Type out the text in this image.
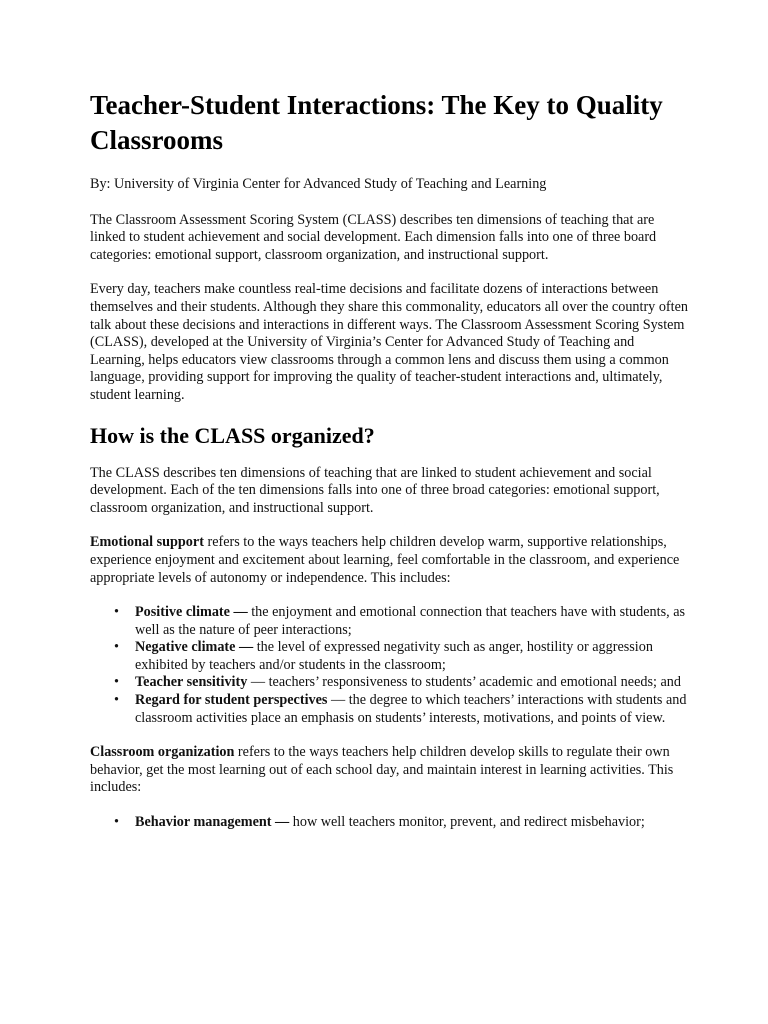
Teacher-Student Interactions: The Key to Quality Classrooms

By: University of Virginia Center for Advanced Study of Teaching and Learning

The Classroom Assessment Scoring System (CLASS) describes ten dimensions of teaching that are linked to student achievement and social development. Each dimension falls into one of three board categories: emotional support, classroom organization, and instructional support.

Every day, teachers make countless real-time decisions and facilitate dozens of interactions between themselves and their students. Although they share this commonality, educators all over the country often talk about these decisions and interactions in different ways. The Classroom Assessment Scoring System (CLASS), developed at the University of Virginia’s Center for Advanced Study of Teaching and Learning, helps educators view classrooms through a common lens and discuss them using a common language, providing support for improving the quality of teacher-student interactions and, ultimately, student learning.

How is the CLASS organized?

The CLASS describes ten dimensions of teaching that are linked to student achievement and social development. Each of the ten dimensions falls into one of three broad categories: emotional support, classroom organization, and instructional support.

Emotional support refers to the ways teachers help children develop warm, supportive relationships, experience enjoyment and excitement about learning, feel comfortable in the classroom, and experience appropriate levels of autonomy or independence. This includes:

• Positive climate — the enjoyment and emotional connection that teachers have with students, as well as the nature of peer interactions;
• Negative climate — the level of expressed negativity such as anger, hostility or aggression exhibited by teachers and/or students in the classroom;
• Teacher sensitivity — teachers’ responsiveness to students’ academic and emotional needs; and
• Regard for student perspectives — the degree to which teachers’ interactions with students and classroom activities place an emphasis on students’ interests, motivations, and points of view.

Classroom organization refers to the ways teachers help children develop skills to regulate their own behavior, get the most learning out of each school day, and maintain interest in learning activities. This includes:

• Behavior management — how well teachers monitor, prevent, and redirect misbehavior;
